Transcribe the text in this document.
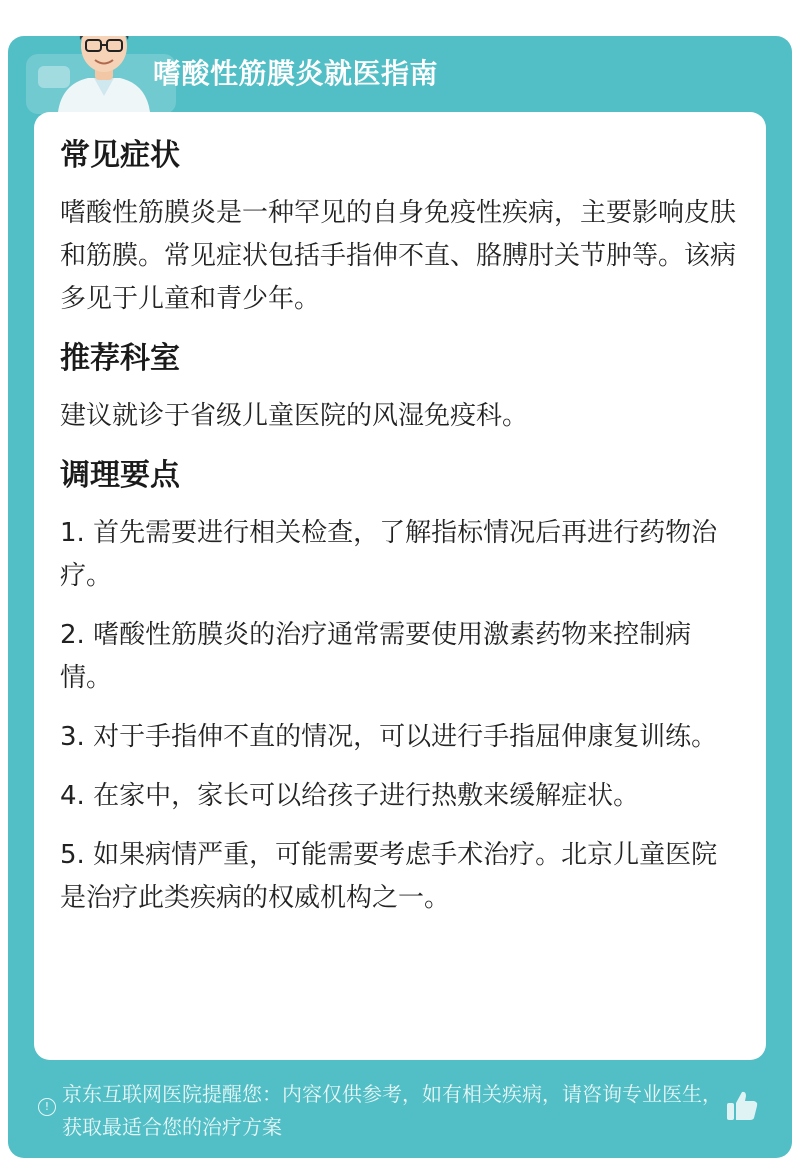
嗜酸性筋膜炎就医指南
常见症状

嗜酸性筋膜炎是一种罕见的自身免疫性疾病，主要影响皮肤和筋膜。常见症状包括手指伸不直、胳膊肘关节肿等。该病多见于儿童和青少年。

推荐科室

建议就诊于省级儿童医院的风湿免疫科。

调理要点

1. 首先需要进行相关检查，了解指标情况后再进行药物治疗。

2. 嗜酸性筋膜炎的治疗通常需要使用激素药物来控制病情。

3. 对于手指伸不直的情况，可以进行手指屈伸康复训练。

4. 在家中，家长可以给孩子进行热敷来缓解症状。

5. 如果病情严重，可能需要考虑手术治疗。北京儿童医院是治疗此类疾病的权威机构之一。

!
京东互联网医院提醒您：内容仅供参考，如有相关疾病，请咨询专业医生，获取最适合您的治疗方案
